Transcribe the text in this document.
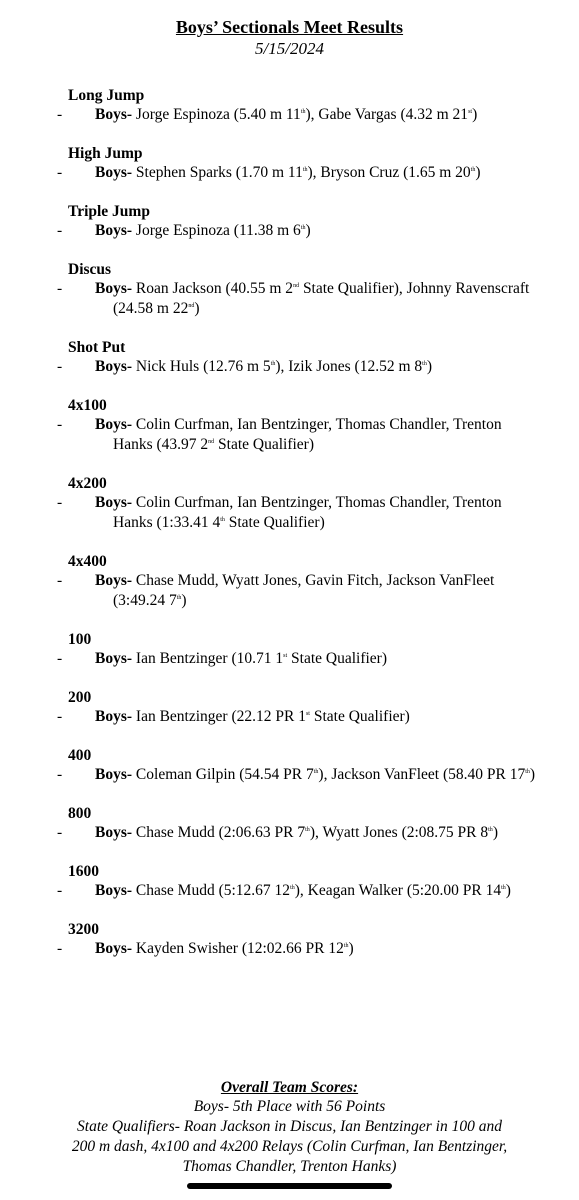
Boys’ Sectionals Meet Results
5/15/2024
Long Jump
- Boys- Jorge Espinoza (5.40 m 11th), Gabe Vargas (4.32 m 21st)
High Jump
- Boys- Stephen Sparks (1.70 m 11th), Bryson Cruz (1.65 m 20th)
Triple Jump
- Boys- Jorge Espinoza (11.38 m 6th)
Discus
- Boys- Roan Jackson (40.55 m 2nd State Qualifier), Johnny Ravenscraft (24.58 m 22nd)
Shot Put
- Boys- Nick Huls (12.76 m 5th), Izik Jones (12.52 m 8th)
4x100
- Boys- Colin Curfman, Ian Bentzinger, Thomas Chandler, Trenton Hanks (43.97 2nd State Qualifier)
4x200
- Boys- Colin Curfman, Ian Bentzinger, Thomas Chandler, Trenton Hanks (1:33.41 4th State Qualifier)
4x400
- Boys- Chase Mudd, Wyatt Jones, Gavin Fitch, Jackson VanFleet (3:49.24 7th)
100
- Boys- Ian Bentzinger (10.71 1st State Qualifier)
200
- Boys- Ian Bentzinger (22.12 PR 1st State Qualifier)
400
- Boys- Coleman Gilpin (54.54 PR 7th), Jackson VanFleet (58.40 PR 17th)
800
- Boys- Chase Mudd (2:06.63 PR 7th), Wyatt Jones (2:08.75 PR 8th)
1600
- Boys- Chase Mudd (5:12.67 12th), Keagan Walker (5:20.00 PR 14th)
3200
- Boys- Kayden Swisher (12:02.66 PR 12th)
Overall Team Scores:
Boys- 5th Place with 56 Points
State Qualifiers- Roan Jackson in Discus, Ian Bentzinger in 100 and 200 m dash, 4x100 and 4x200 Relays (Colin Curfman, Ian Bentzinger, Thomas Chandler, Trenton Hanks)
